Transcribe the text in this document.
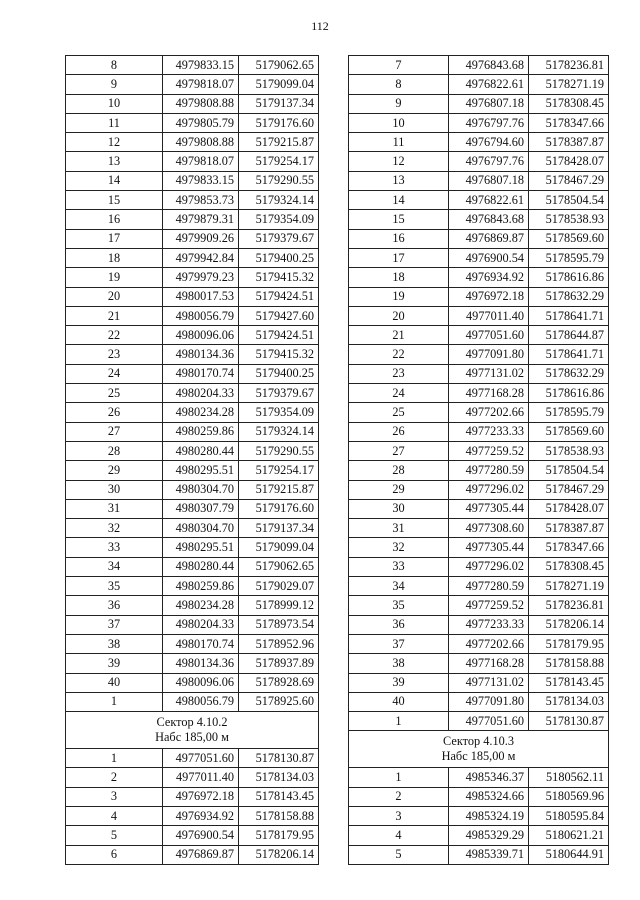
112
8	4979833.15	5179062.65
9	4979818.07	5179099.04
10	4979808.88	5179137.34
11	4979805.79	5179176.60
12	4979808.88	5179215.87
13	4979818.07	5179254.17
14	4979833.15	5179290.55
15	4979853.73	5179324.14
16	4979879.31	5179354.09
17	4979909.26	5179379.67
18	4979942.84	5179400.25
19	4979979.23	5179415.32
20	4980017.53	5179424.51
21	4980056.79	5179427.60
22	4980096.06	5179424.51
23	4980134.36	5179415.32
24	4980170.74	5179400.25
25	4980204.33	5179379.67
26	4980234.28	5179354.09
27	4980259.86	5179324.14
28	4980280.44	5179290.55
29	4980295.51	5179254.17
30	4980304.70	5179215.87
31	4980307.79	5179176.60
32	4980304.70	5179137.34
33	4980295.51	5179099.04
34	4980280.44	5179062.65
35	4980259.86	5179029.07
36	4980234.28	5178999.12
37	4980204.33	5178973.54
38	4980170.74	5178952.96
39	4980134.36	5178937.89
40	4980096.06	5178928.69
1	4980056.79	5178925.60

Сектор 4.10.2
Набс 185,00 м		

1	4977051.60	5178130.87
2	4977011.40	5178134.03
3	4976972.18	5178143.45
4	4976934.92	5178158.88
5	4976900.54	5178179.95
6	4976869.87	5178206.14
7	4976843.68	5178236.81
8	4976822.61	5178271.19
9	4976807.18	5178308.45
10	4976797.76	5178347.66
11	4976794.60	5178387.87
12	4976797.76	5178428.07
13	4976807.18	5178467.29
14	4976822.61	5178504.54
15	4976843.68	5178538.93
16	4976869.87	5178569.60
17	4976900.54	5178595.79
18	4976934.92	5178616.86
19	4976972.18	5178632.29
20	4977011.40	5178641.71
21	4977051.60	5178644.87
22	4977091.80	5178641.71
23	4977131.02	5178632.29
24	4977168.28	5178616.86
25	4977202.66	5178595.79
26	4977233.33	5178569.60
27	4977259.52	5178538.93
28	4977280.59	5178504.54
29	4977296.02	5178467.29
30	4977305.44	5178428.07
31	4977308.60	5178387.87
32	4977305.44	5178347.66
33	4977296.02	5178308.45
34	4977280.59	5178271.19
35	4977259.52	5178236.81
36	4977233.33	5178206.14
37	4977202.66	5178179.95
38	4977168.28	5178158.88
39	4977131.02	5178143.45
40	4977091.80	5178134.03
1	4977051.60	5178130.87

Сектор 4.10.3
Набс 185,00 м		

1	4985346.37	5180562.11
2	4985324.66	5180569.96
3	4985324.19	5180595.84
4	4985329.29	5180621.21
5	4985339.71	5180644.91
